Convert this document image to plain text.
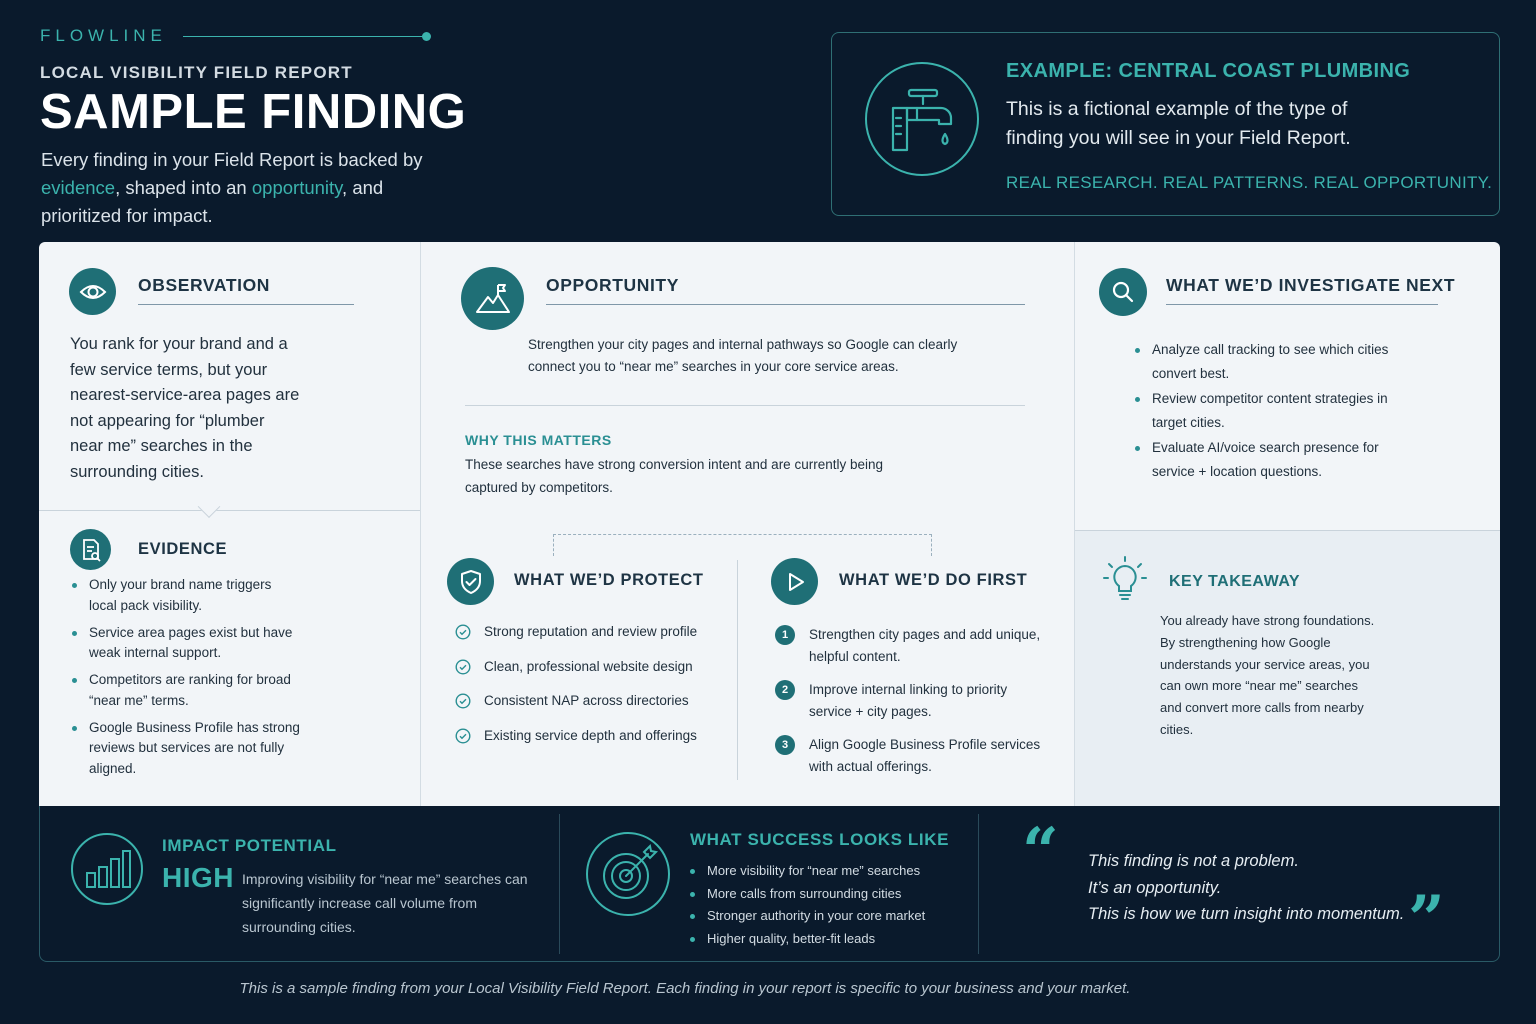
FLOWLINE
LOCAL VISIBILITY FIELD REPORT
SAMPLE FINDING

Every finding in your Field Report is backed by evidence, shaped into an opportunity, and prioritized for impact.

EXAMPLE: CENTRAL COAST PLUMBING
This is a fictional example of the type of finding you will see in your Field Report.
REAL RESEARCH. REAL PATTERNS. REAL OPPORTUNITY.
OBSERVATION

You rank for your brand and a few service terms, but your nearest-service-area pages are not appearing for “plumber near me” searches in the surrounding cities.

EVIDENCE
Only your brand name triggers local pack visibility.
Service area pages exist but have weak internal support.
Competitors are ranking for broad “near me” terms.
Google Business Profile has strong reviews but services are not fully aligned.
OPPORTUNITY

Strengthen your city pages and internal pathways so Google can clearly connect you to “near me” searches in your core service areas.

WHY THIS MATTERS

These searches have strong conversion intent and are currently being captured by competitors.

WHAT WE’D PROTECT
Strong reputation and review profile
Clean, professional website design
Consistent NAP across directories
Existing service depth and offerings
WHAT WE’D DO FIRST
1	Strengthen city pages and add unique, helpful content.
2	Improve internal linking to priority service + city pages.
3	Align Google Business Profile services with actual offerings.
WHAT WE’D INVESTIGATE NEXT
Analyze call tracking to see which cities convert best.
Review competitor content strategies in target cities.
Evaluate AI/voice search presence for service + location questions.
KEY TAKEAWAY

You already have strong foundations. By strengthening how Google understands your service areas, you can own more “near me” searches and convert more calls from nearby cities.

IMPACT POTENTIAL
HIGH Improving visibility for “near me” searches can significantly increase call volume from surrounding cities.

WHAT SUCCESS LOOKS LIKE
More visibility for “near me” searches
More calls from surrounding cities
Stronger authority in your core market
Higher quality, better-fit leads
“ This finding is not a problem.
It’s an opportunity.
This is how we turn insight into momentum. ”
This is a sample finding from your Local Visibility Field Report. Each finding in your report is specific to your business and your market.
